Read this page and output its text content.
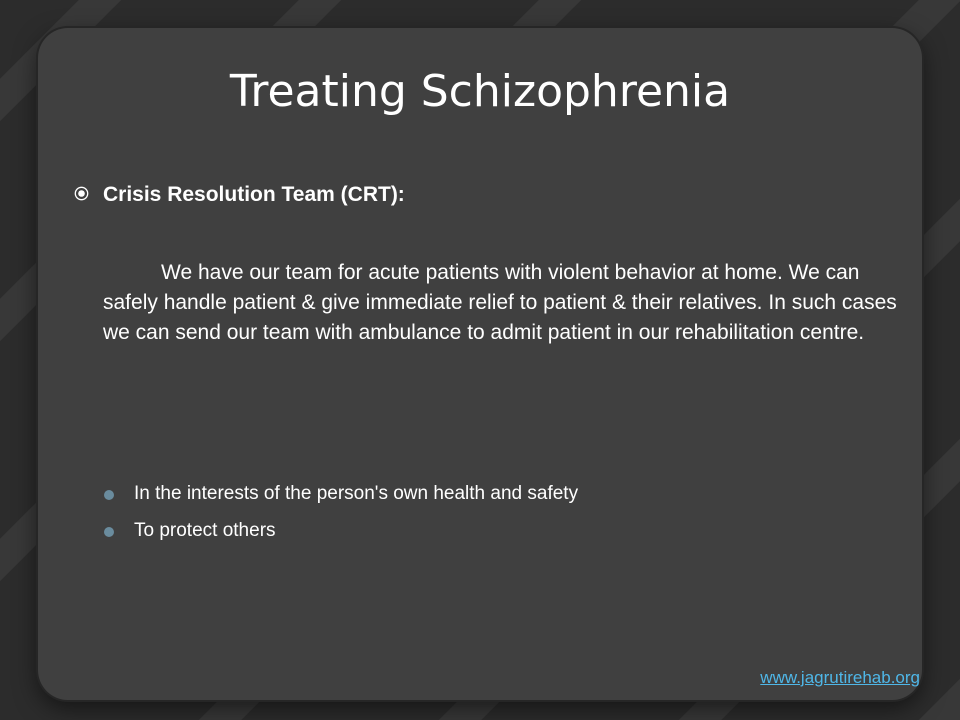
Treating Schizophrenia
Crisis Resolution Team (CRT):

We have our team for acute patients with violent behavior at home. We can safely handle patient & give immediate relief to patient & their relatives. In such cases we can send our team with ambulance to admit patient in our rehabilitation centre.

In the interests of the person's own health and safety
To protect others
www.jagrutirehab.org
